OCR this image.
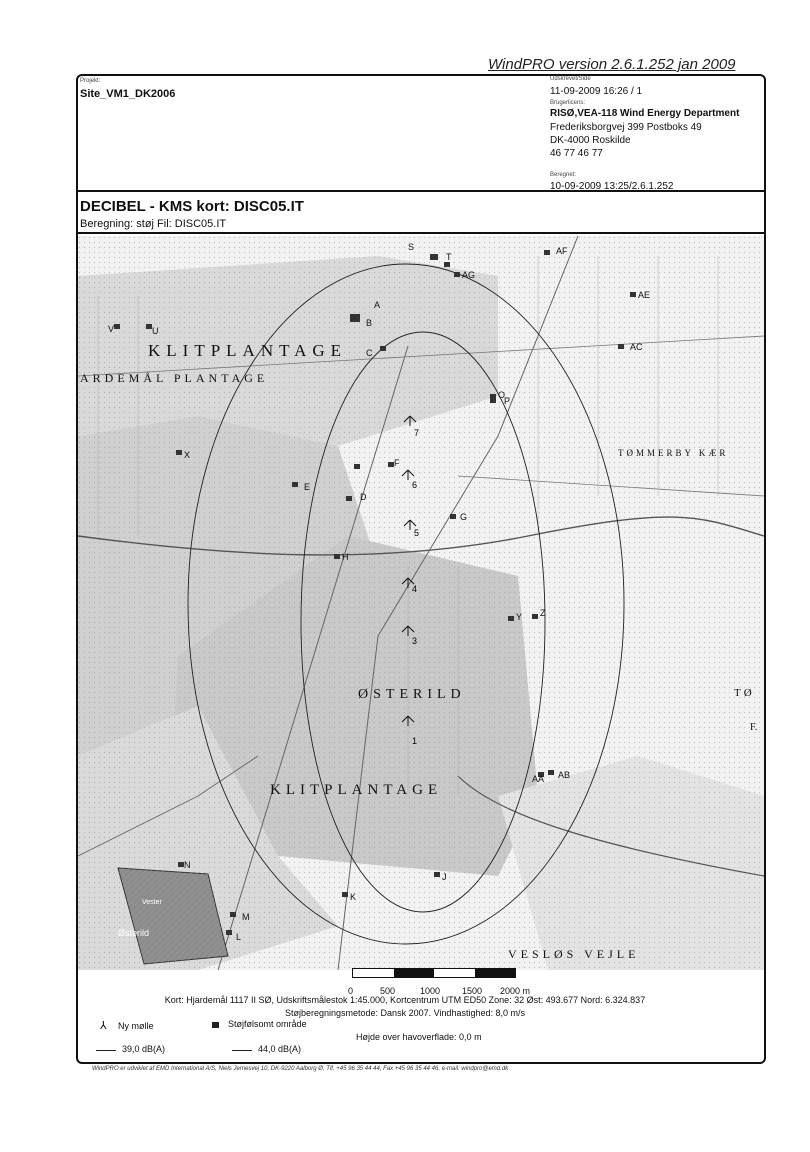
WindPRO version 2.6.1.252 jan 2009
Projekt:
Site_VM1_DK2006
Udskrevet/Side
11-09-2009 16:26 / 1
Brugerlicens:
RISØ,VEA-118 Wind Energy Department
Frederiksborgvej 399 Postboks 49
DK-4000 Roskilde
46 77 46 77
Beregnet:
10-09-2009 13:25/2.6.1.252
DECIBEL - KMS kort: DISC05.IT
Beregning: støj Fil: DISC05.IT
KLITPLANTAGE
ARDEMÅL PLANTAGE
ØSTERILD
KLITPLANTAGE
TØMMERBY KÆR
VESLØS VEJLE
TØ
F.
Østerild
Vester
1
3
4
5
6
7
A
B
C
D
E
F
G
H
J
K
L
M
N
O
P
S
T
U
V
X
Y Z
AA AB
AC
AE
AF
AG
0	500	1000 1500 2000 m
Kort: Hjardemål 1117 II SØ, Udskriftsmålestok 1:45.000, Kortcentrum UTM ED50 Zone: 32 Øst: 493.677 Nord: 6.324.837
Støjberegningsmetode: Dansk 2007. Vindhastighed: 8,0 m/s
⅄ Ny mølle	Støjfølsomt område
Højde over havoverflade: 0,0 m
39,0 dB(A)	44,0 dB(A)
WindPRO er udviklet af EMD International A/S, Niels Jernesvej 10, DK-9220 Aalborg Ø, Tlf. +45 96 35 44 44, Fax +45 96 35 44 46, e-mail: windpro@emd.dk
